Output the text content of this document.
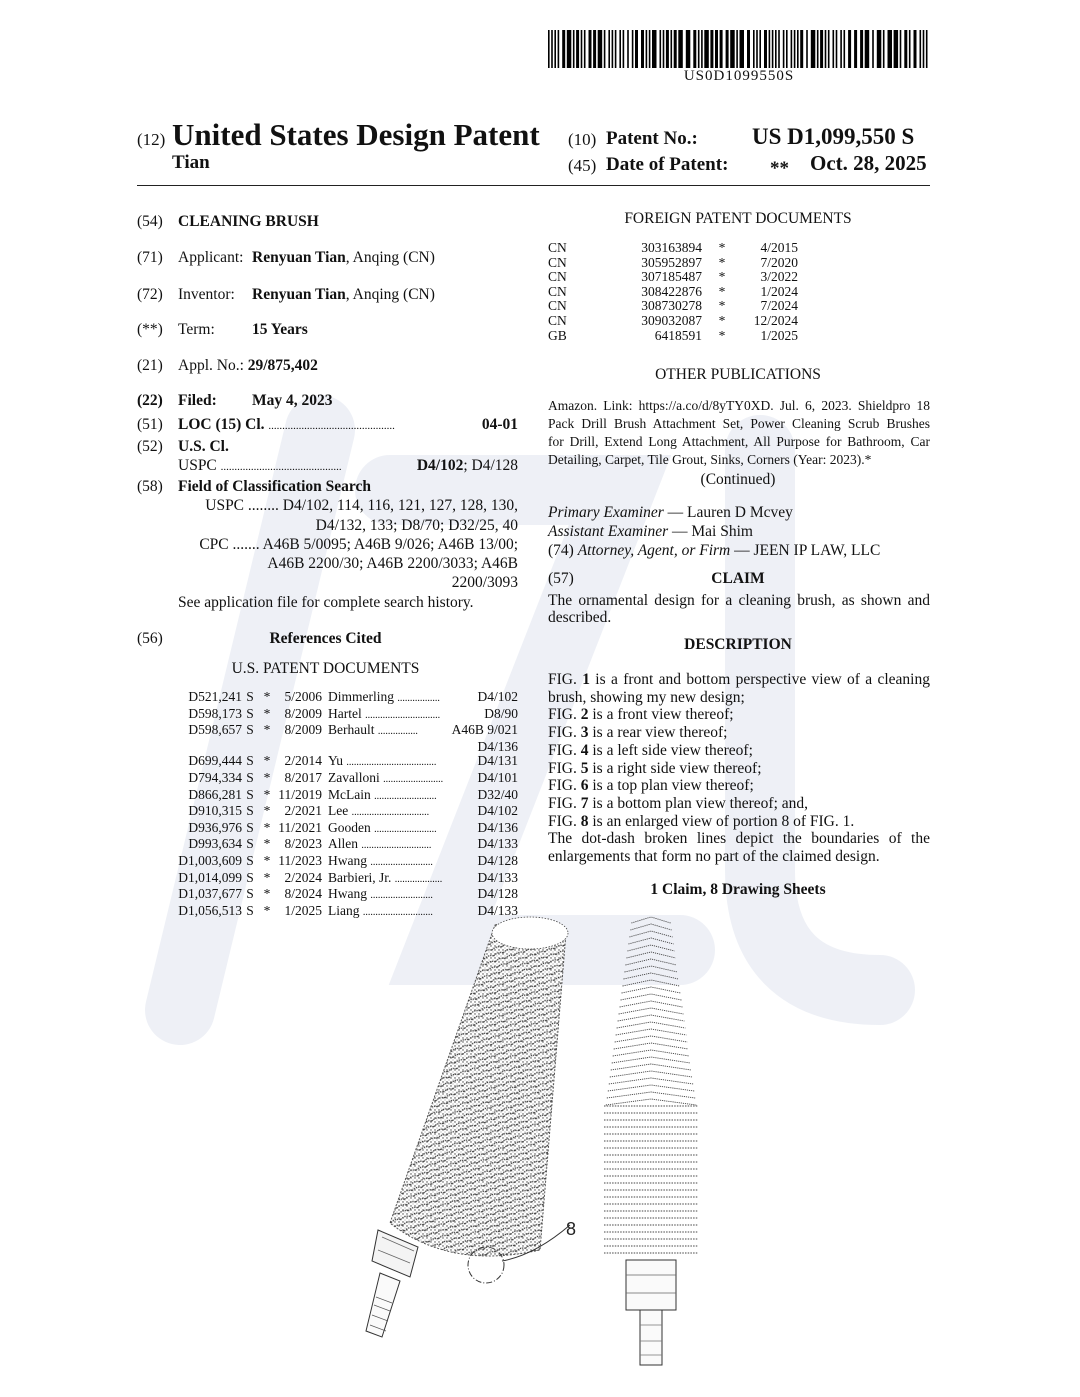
US0D1099550S
(12) United States Design Patent
Tian
(10) Patent No.: US D1,099,550 S
(45) Date of Patent: ** Oct. 28, 2025
(54) CLEANING BRUSH
(71) Applicant: Renyuan Tian, Anqing (CN)
(72) Inventor: Renyuan Tian, Anqing (CN)
(**) Term: 15 Years
(21) Appl. No.: 29/875,402
(22) Filed: May 4, 2023
(51) LOC (15) Cl. ..............................................	04-01
(52) U.S. Cl.
USPC ............................................	D4/102; D4/128
(58) Field of Classification Search
USPC ........ D4/102, 114, 116, 121, 127, 128, 130,
D4/132, 133; D8/70; D32/25, 40
CPC ....... A46B 5/0095; A46B 9/026; A46B 13/00;
A46B 2200/30; A46B 2200/3033; A46B
2200/3093
See application file for complete search history.
(56)	References Cited
U.S. PATENT DOCUMENTS
D521,241	S	*	5/2006	Dimmerling .................	D4/102
D598,173	S	*	8/2009	Hartel ..............................	D8/90
D598,657	S	*	8/2009	Berhault ................	A46B 9/021
					D4/136
D699,444	S	*	2/2014	Yu ....................................	D4/131
D794,334	S	*	8/2017	Zavalloni ........................	D4/101
D866,281	S	*	11/2019	McLain .........................	D32/40
D910,315	S	*	2/2021	Lee ...............................	D4/102
D936,976	S	*	11/2021	Gooden .........................	D4/136
D993,634	S	*	8/2023	Allen ............................	D4/133
D1,003,609	S	*	11/2023	Hwang .........................	D4/128
D1,014,099	S	*	2/2024	Barbieri, Jr. ...................	D4/133
D1,037,677	S	*	8/2024	Hwang .........................	D4/128
D1,056,513	S	*	1/2025	Liang ............................	D4/133
FOREIGN PATENT DOCUMENTS
CN	303163894	*	4/2015
CN	305952897	*	7/2020
CN	307185487	*	3/2022
CN	308422876	*	1/2024
CN	308730278	*	7/2024
CN	309032087	*	12/2024
GB	6418591	*	1/2025
OTHER PUBLICATIONS
Amazon. Link: https://a.co/d/8yTY0XD. Jul. 6, 2023. Shieldpro 18
Pack Drill Brush Attachment Set, Power Cleaning Scrub Brushes
for Drill, Extend Long Attachment, All Purpose for Bathroom, Car
Detailing, Carpet, Tile Grout, Sinks, Corners (Year: 2023).*
(Continued)
Primary Examiner — Lauren D Mcvey
Assistant Examiner — Mai Shim
(74) Attorney, Agent, or Firm — JEEN IP LAW, LLC
(57)	CLAIM
The ornamental design for a cleaning brush, as shown and
described.
DESCRIPTION
FIG. 1 is a front and bottom perspective view of a cleaning
brush, showing my new design;
FIG. 2 is a front view thereof;
FIG. 3 is a rear view thereof;
FIG. 4 is a left side view thereof;
FIG. 5 is a right side view thereof;
FIG. 6 is a top plan view thereof;
FIG. 7 is a bottom plan view thereof; and,
FIG. 8 is an enlarged view of portion 8 of FIG. 1.
The dot-dash broken lines depict the boundaries of the
enlargements that form no part of the claimed design.
1 Claim, 8 Drawing Sheets
8
